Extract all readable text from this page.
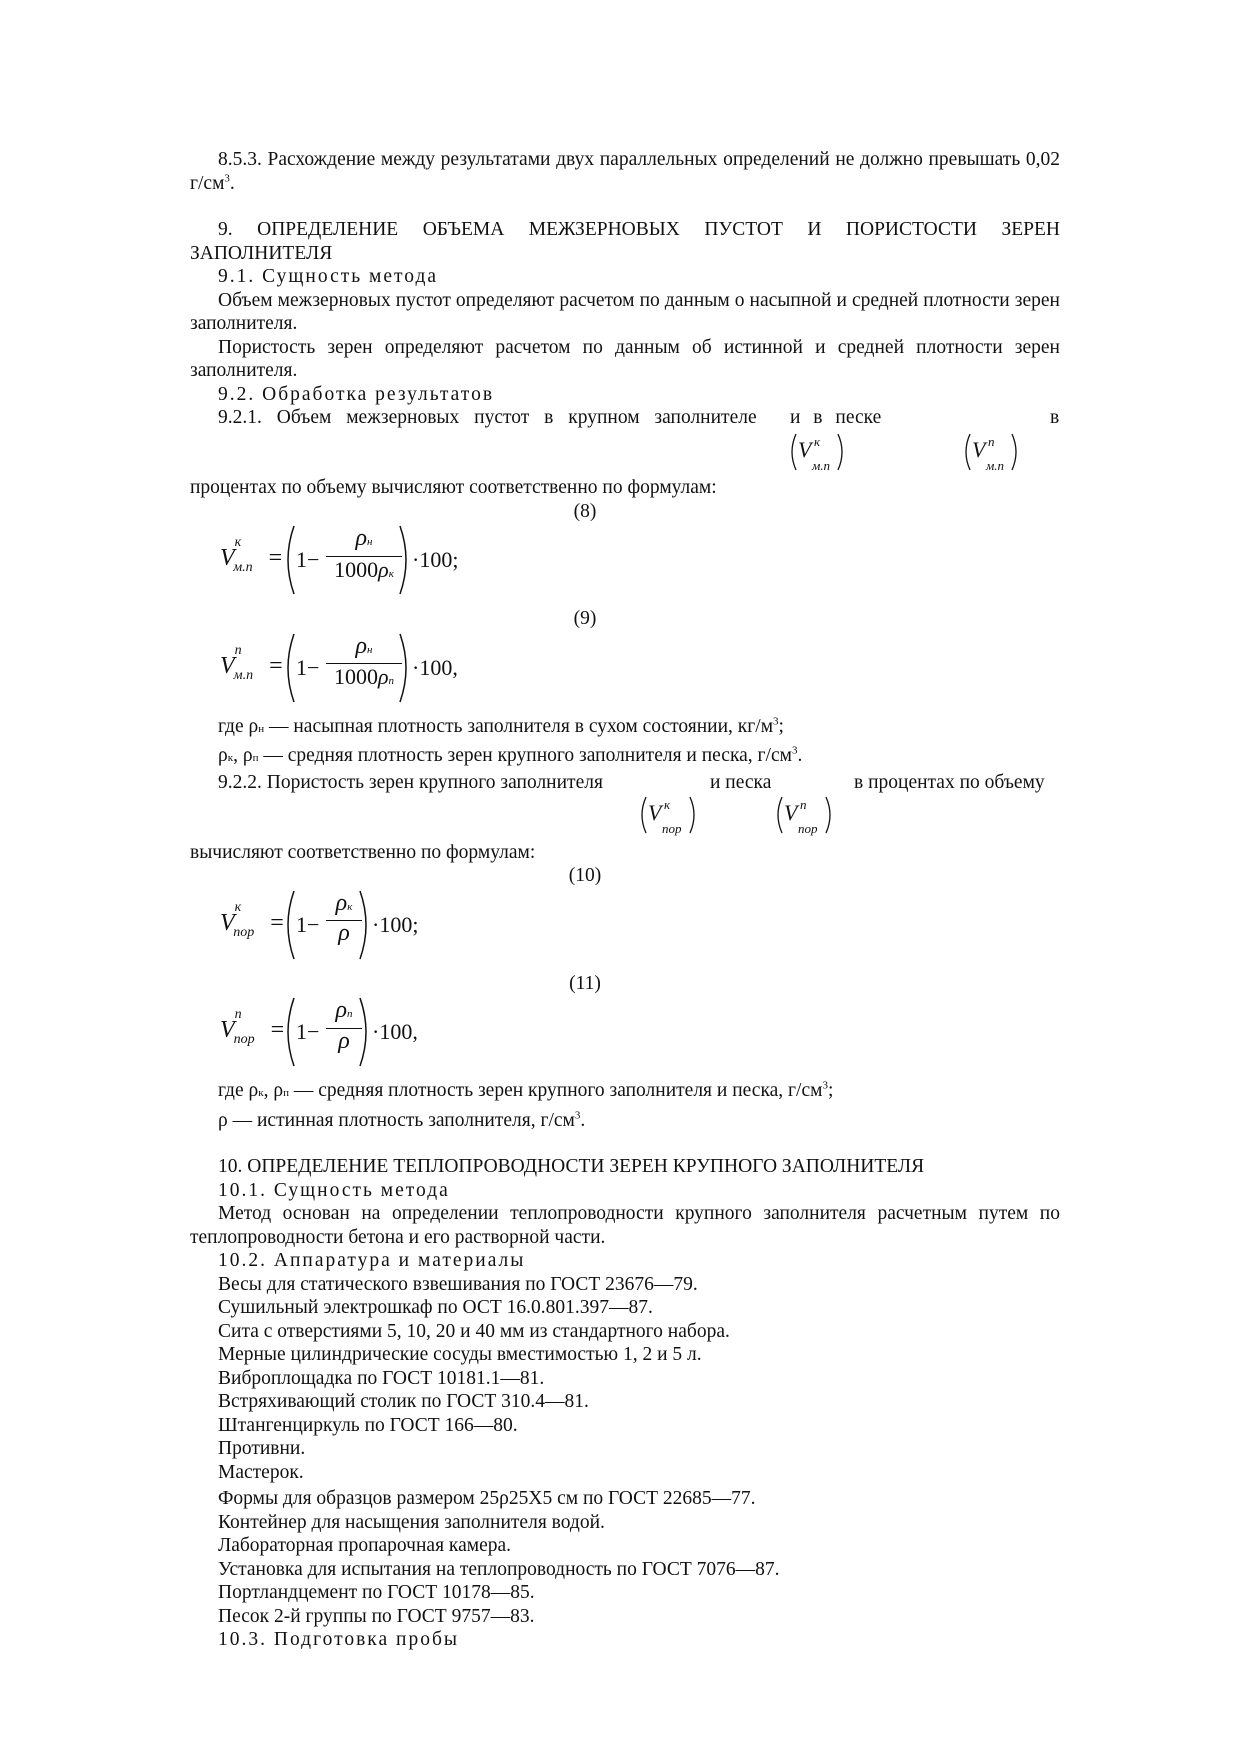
8.5.3. Расхождение между результатами двух параллельных определений не должно превышать 0,02 $г/см^3$.

9. ОПРЕДЕЛЕНИЕ ОБЪЕМА МЕЖЗЕРНОВЫХ ПУСТОТ И ПОРИСТОСТИ ЗЕРЕН ЗАПОЛНИТЕЛЯ

9.1. Сущность метода

Объем межзерновых пустот определяют расчетом по данным о насыпной и средней плотности зерен заполнителя.

Пористость зерен определяют расчетом по данным об истинной и средней плотности зерен заполнителя.

9.2. Обработка результатов

9.2.1. Объем межзерновых пустот в крупном заполнителе и в песке	в
V к
м.п
V п
м.п

процентах по объему вычисляют соответственно по формулам:

(8)
$V^к_{м.п} = 1-$
ρн
1000ρк
·100;
(9)
$V^п_{м.п} = 1-$
ρн
1000ρп
·100,

где ρн — насыпная плотность заполнителя в сухом состоянии, $кг/м^3$;

ρк, ρп — средняя плотность зерен крупного заполнителя и песка, $г/см^3$.

9.2.2. Пористость зерен крупного заполнителя	и песка	в процентах по объему
V к
пор
V п
пор

вычисляют соответственно по формулам:

(10)
$V^к_{пор} = 1-$
ρк
ρ	·100;
(11)
$V^п_{пор} = 1-$
ρп
ρ	·100,

где ρк, ρп — средняя плотность зерен крупного заполнителя и песка, $г/см^3$;

ρ — истинная плотность заполнителя, $г/см^3$.

10. ОПРЕДЕЛЕНИЕ ТЕПЛОПРОВОДНОСТИ ЗЕРЕН КРУПНОГО ЗАПОЛНИТЕЛЯ

10.1. Сущность метода

Метод основан на определении теплопроводности крупного заполнителя расчетным путем по теплопроводности бетона и его растворной части.

10.2. Аппаратура и материалы

Весы для статического взвешивания по ГОСТ 23676—79.

Сушильный электрошкаф по ОСТ 16.0.801.397—87.

Сита с отверстиями 5, 10, 20 и 40 мм из стандартного набора.

Мерные цилиндрические сосуды вместимостью 1, 2 и 5 л.

Виброплощадка по ГОСТ 10181.1—81.

Встряхивающий столик по ГОСТ 310.4—81.

Штангенциркуль по ГОСТ 166—80.

Противни.

Мастерок.

Формы для образцов размером 25ρ25Х5 см по ГОСТ 22685—77.

Контейнер для насыщения заполнителя водой.

Лабораторная пропарочная камера.

Установка для испытания на теплопроводность по ГОСТ 7076—87.

Портландцемент по ГОСТ 10178—85.

Песок 2-й группы по ГОСТ 9757—83.

10.3. Подготовка пробы
